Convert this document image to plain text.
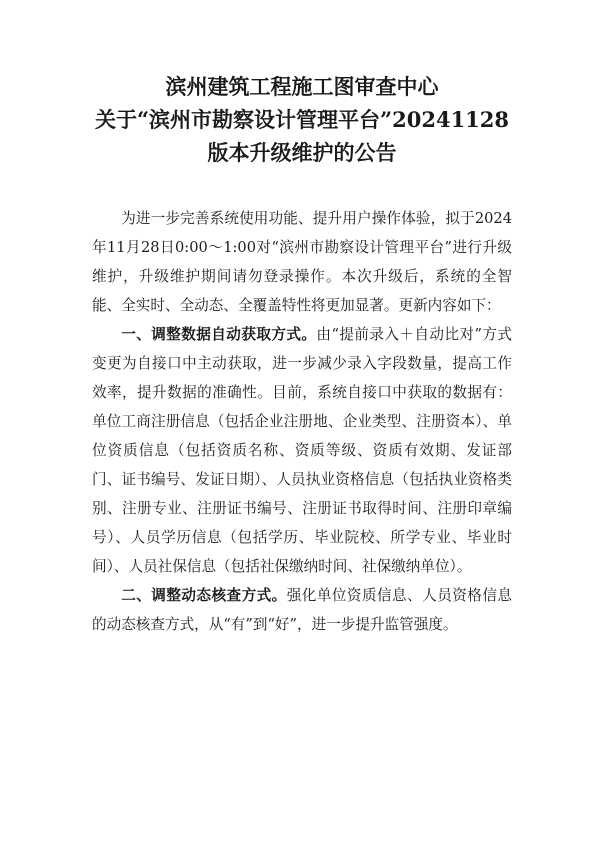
滨州建筑工程施工图审查中心
关于“滨州市勘察设计管理平台”20241128
版本升级维护的公告

为进一步完善系统使用功能、提升用户操作体验，拟于2024年11月28日0:00～1:00对“滨州市勘察设计管理平台”进行升级维护，升级维护期间请勿登录操作。本次升级后，系统的全智能、全实时、全动态、全覆盖特性将更加显著。更新内容如下：

一、调整数据自动获取方式。由“提前录入＋自动比对”方式变更为自接口中主动获取，进一步减少录入字段数量，提高工作效率，提升数据的准确性。目前，系统自接口中获取的数据有：单位工商注册信息（包括企业注册地、企业类型、注册资本）、单位资质信息（包括资质名称、资质等级、资质有效期、发证部门、证书编号、发证日期）、人员执业资格信息（包括执业资格类别、注册专业、注册证书编号、注册证书取得时间、注册印章编号）、人员学历信息（包括学历、毕业院校、所学专业、毕业时间）、人员社保信息（包括社保缴纳时间、社保缴纳单位）。

二、调整动态核查方式。强化单位资质信息、人员资格信息的动态核查方式，从“有”到“好”，进一步提升监管强度。
